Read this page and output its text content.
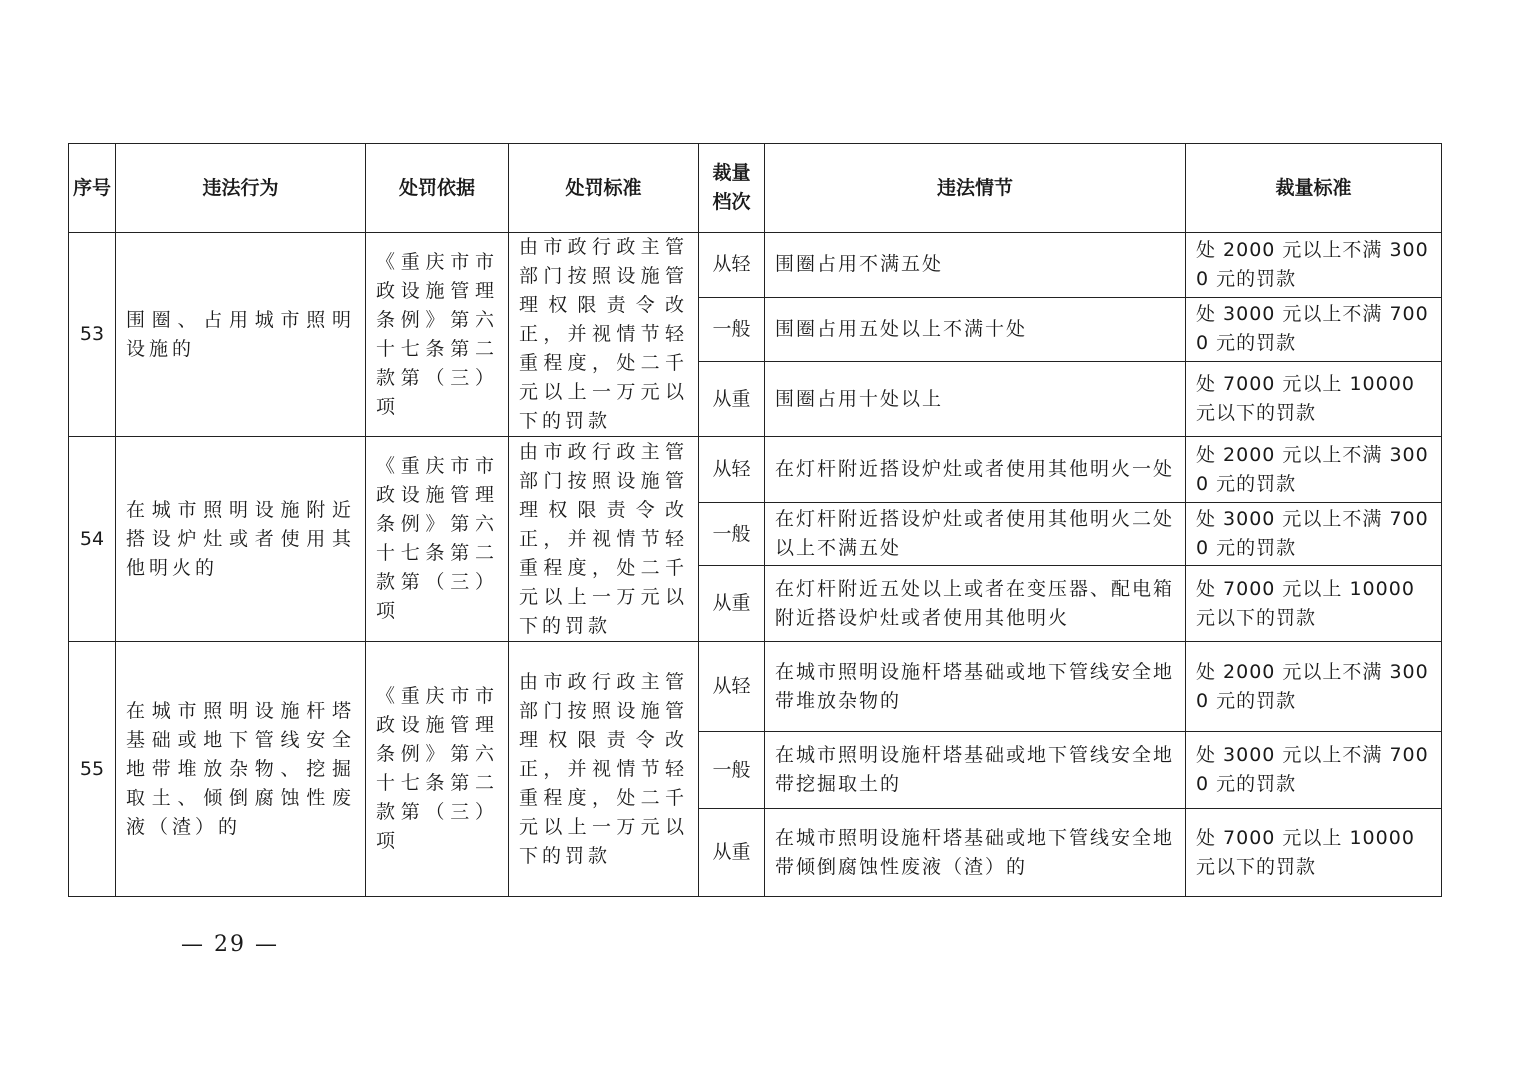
序号	违法行为	处罚依据	处罚标准	裁量档次	违法情节	裁量标准
53	围圈、占用城市照明设施的	《重庆市市政设施管理条例》第六十七条第二款第（三）项	由市政行政主管部门按照设施管理权限责令改正，并视情节轻重程度，处二千元以上一万元以下的罚款	从轻	围圈占用不满五处	处 2000 元以上不满 3000 元的罚款
				一般	围圈占用五处以上不满十处	处 3000 元以上不满 7000 元的罚款
				从重	围圈占用十处以上	处 7000 元以上 10000 元以下的罚款
54	在城市照明设施附近搭设炉灶或者使用其他明火的	《重庆市市政设施管理条例》第六十七条第二款第（三）项	由市政行政主管部门按照设施管理权限责令改正，并视情节轻重程度，处二千元以上一万元以下的罚款	从轻	在灯杆附近搭设炉灶或者使用其他明火一处	处 2000 元以上不满 3000 元的罚款
				一般	在灯杆附近搭设炉灶或者使用其他明火二处以上不满五处	处 3000 元以上不满 7000 元的罚款
				从重	在灯杆附近五处以上或者在变压器、配电箱附近搭设炉灶或者使用其他明火	处 7000 元以上 10000 元以下的罚款
55	在城市照明设施杆塔基础或地下管线安全地带堆放杂物、挖掘取土、倾倒腐蚀性废液（渣）的	《重庆市市政设施管理条例》第六十七条第二款第（三）项	由市政行政主管部门按照设施管理权限责令改正，并视情节轻重程度，处二千元以上一万元以下的罚款	从轻	在城市照明设施杆塔基础或地下管线安全地带堆放杂物的	处 2000 元以上不满 3000 元的罚款
				一般	在城市照明设施杆塔基础或地下管线安全地带挖掘取土的	处 3000 元以上不满 7000 元的罚款
				从重	在城市照明设施杆塔基础或地下管线安全地带倾倒腐蚀性废液（渣）的	处 7000 元以上 10000 元以下的罚款
— 29 —
